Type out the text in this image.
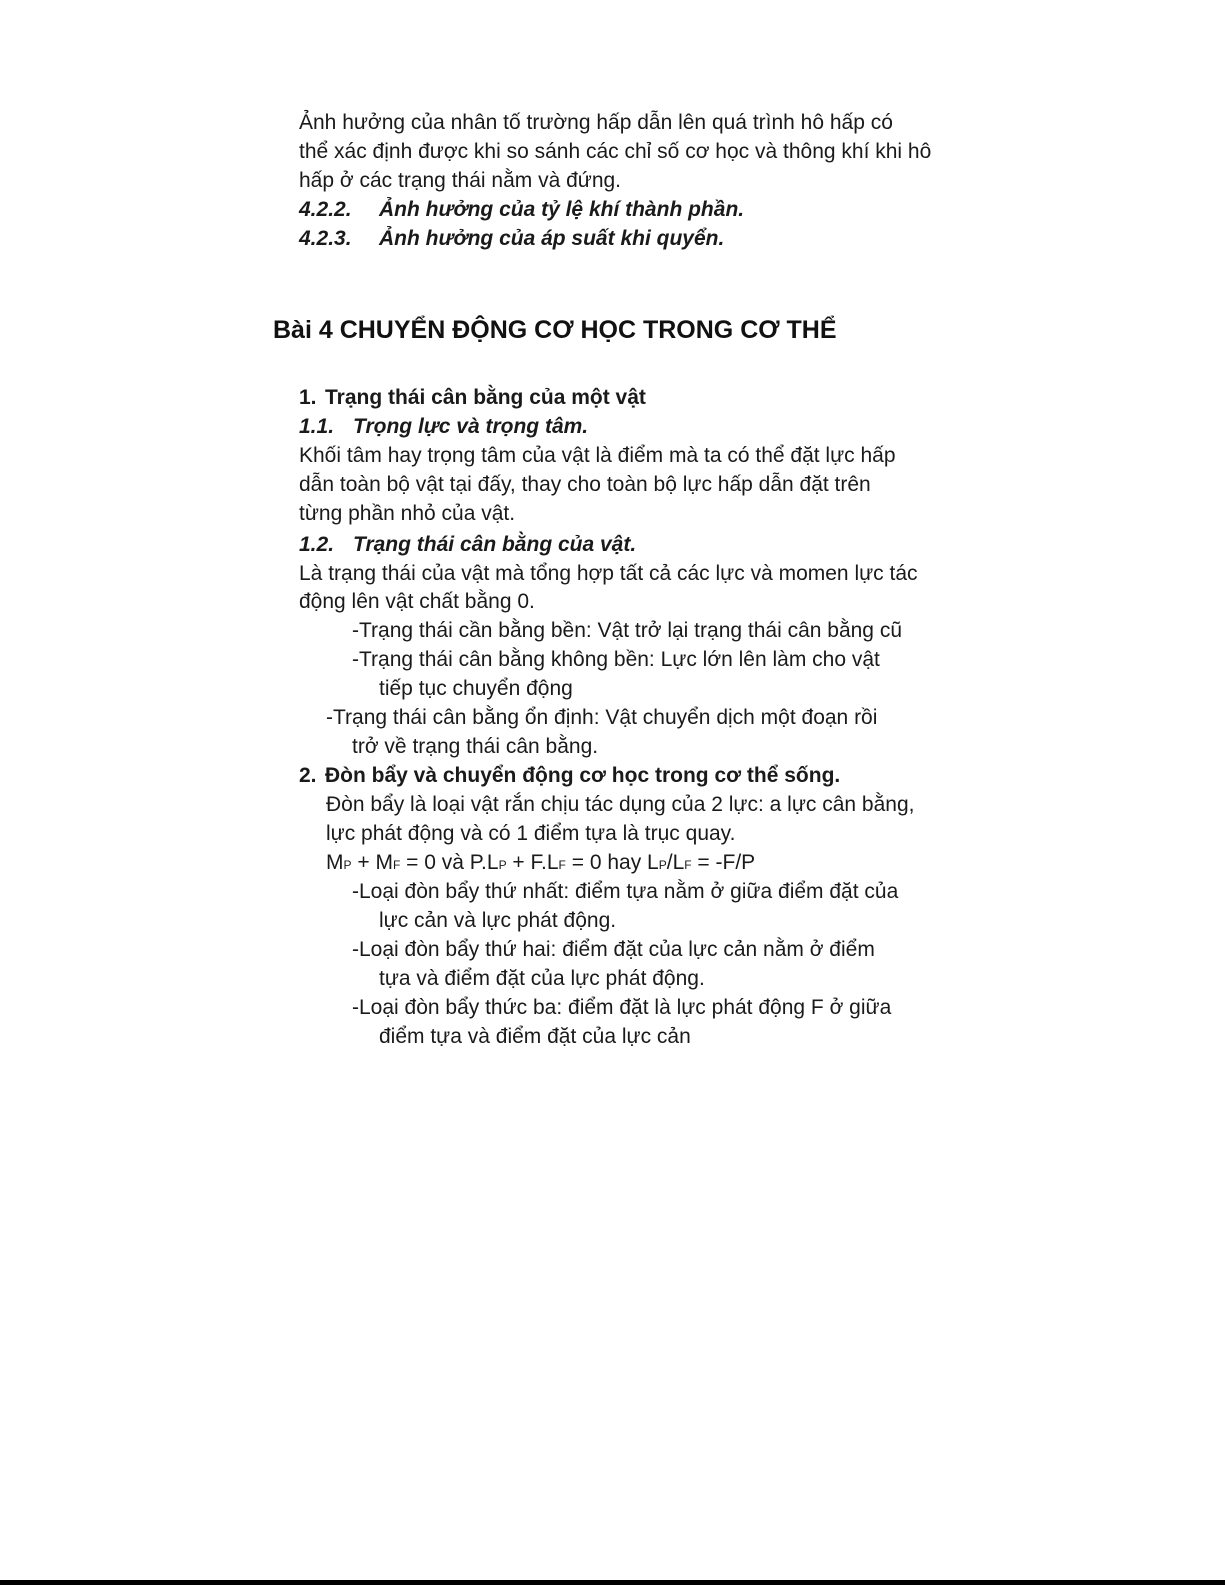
Ảnh hưởng của nhân tố trường hấp dẫn lên quá trình hô hấp có
thể xác định được khi so sánh các chỉ số cơ học và thông khí khi hô
hấp ở các trạng thái nằm và đứng.
4.2.2. Ảnh hưởng của tỷ lệ khí thành phần.
4.2.3. Ảnh hưởng của áp suất khi quyển.
Bài 4 CHUYỂN ĐỘNG CƠ HỌC TRONG CƠ THỂ
1. Trạng thái cân bằng của một vật
1.1. Trọng lực và trọng tâm.
Khối tâm hay trọng tâm của vật là điểm mà ta có thể đặt lực hấp
dẫn toàn bộ vật tại đấy, thay cho toàn bộ lực hấp dẫn đặt trên
từng phần nhỏ của vật.
1.2. Trạng thái cân bằng của vật.
Là trạng thái của vật mà tổng hợp tất cả các lực và momen lực tác
động lên vật chất bằng 0.
-Trạng thái cần bằng bền: Vật trở lại trạng thái cân bằng cũ
-Trạng thái cân bằng không bền: Lực lớn lên làm cho vật
tiếp tục chuyển động
-Trạng thái cân bằng ổn định: Vật chuyển dịch một đoạn rồi
trở về trạng thái cân bằng.
2. Đòn bẩy và chuyển động cơ học trong cơ thể sống.
Đòn bẩy là loại vật rắn chịu tác dụng của 2 lực: a lực cân bằng,
lực phát động và có 1 điểm tựa là trục quay.
MP + MF = 0 và P.LP + F.LF = 0 hay LP/LF = -F/P
-Loại đòn bẩy thứ nhất: điểm tựa nằm ở giữa điểm đặt của
lực cản và lực phát động.
-Loại đòn bẩy thứ hai: điểm đặt của lực cản nằm ở điểm
tựa và điểm đặt của lực phát động.
-Loại đòn bẩy thức ba: điểm đặt là lực phát động F ở giữa
điểm tựa và điểm đặt của lực cản
